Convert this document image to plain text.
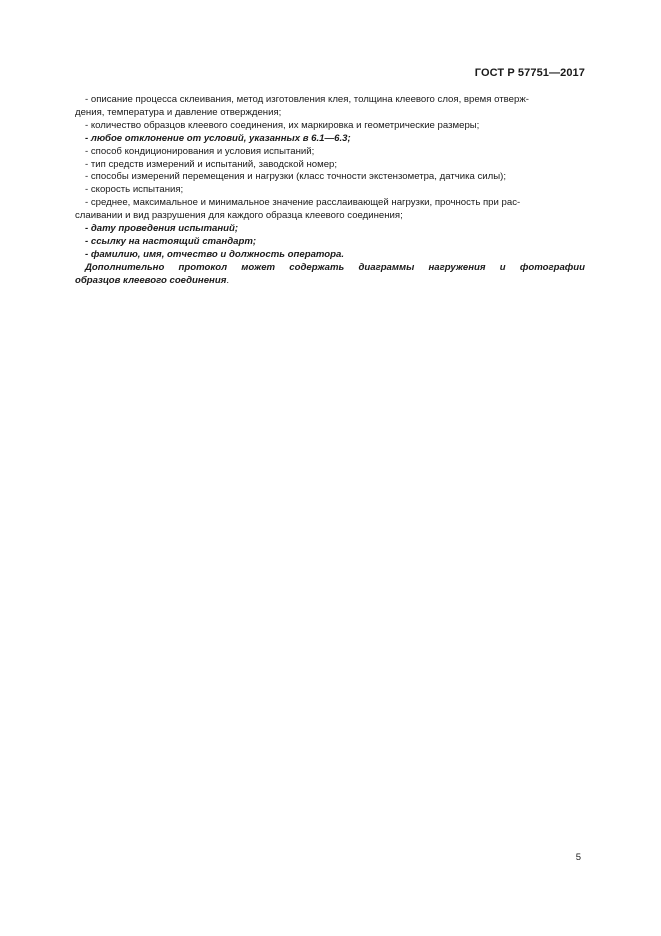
ГОСТ Р 57751—2017

- описание процесса склеивания, метод изготовления клея, толщина клеевого слоя, время отверж-

дения, температура и давление отверждения;

- количество образцов клеевого соединения, их маркировка и геометрические размеры;

- любое отклонение от условий, указанных в 6.1—6.3;

- способ кондиционирования и условия испытаний;

- тип средств измерений и испытаний, заводской номер;

- способы измерений перемещения и нагрузки (класс точности экстензометра, датчика силы);

- скорость испытания;

- среднее, максимальное и минимальное значение расслаивающей нагрузки, прочность при рас-

слаивании и вид разрушения для каждого образца клеевого соединения;

- дату проведения испытаний;

- ссылку на настоящий стандарт;

- фамилию, имя, отчество и должность оператора.

Дополнительно протокол может содержать диаграммы нагружения и фотографии

образцов клеевого соединения.

5
